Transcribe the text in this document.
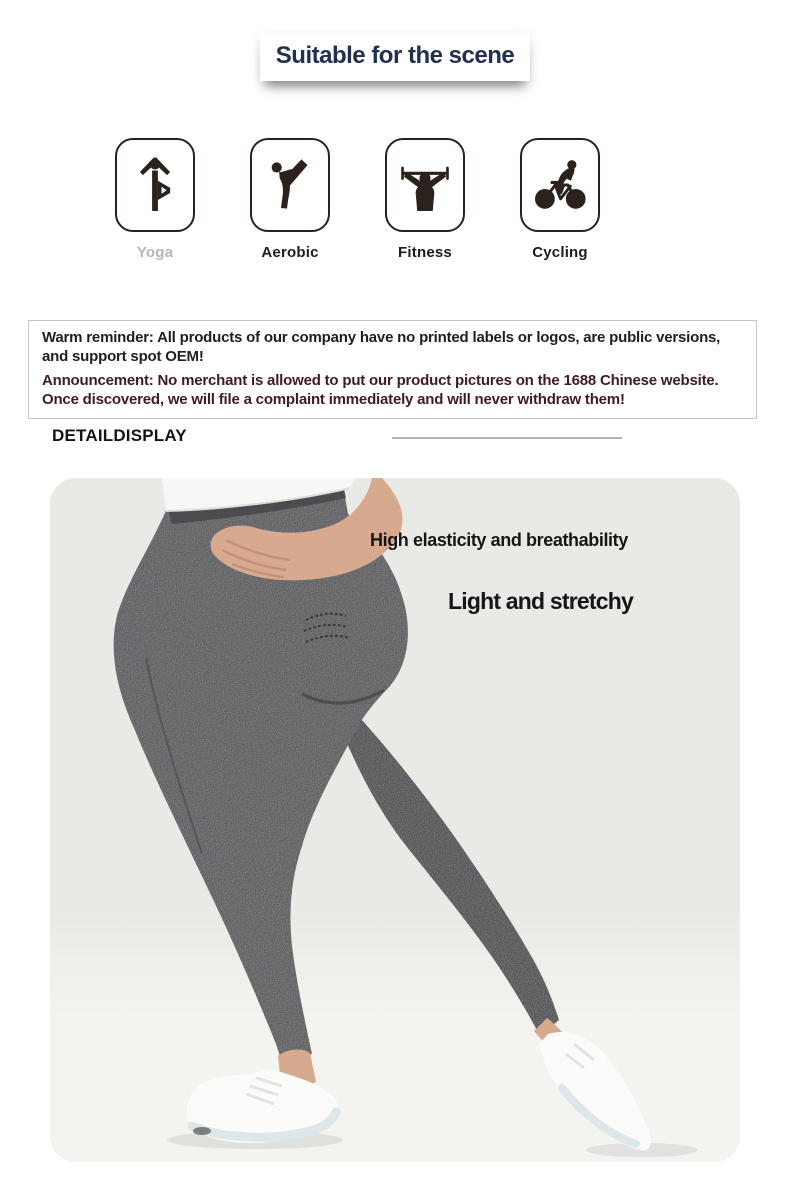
Suitable for the scene
Yoga	Aerobic	Fitness	Cycling

Warm reminder: All products of our company have no printed labels or logos, are public versions, and support spot OEM!

Announcement: No merchant is allowed to put our product pictures on the 1688 Chinese website. Once discovered, we will file a complaint immediately and will never withdraw them!

DETAILDISPLAY
High elasticity and breathability
Light and stretchy
